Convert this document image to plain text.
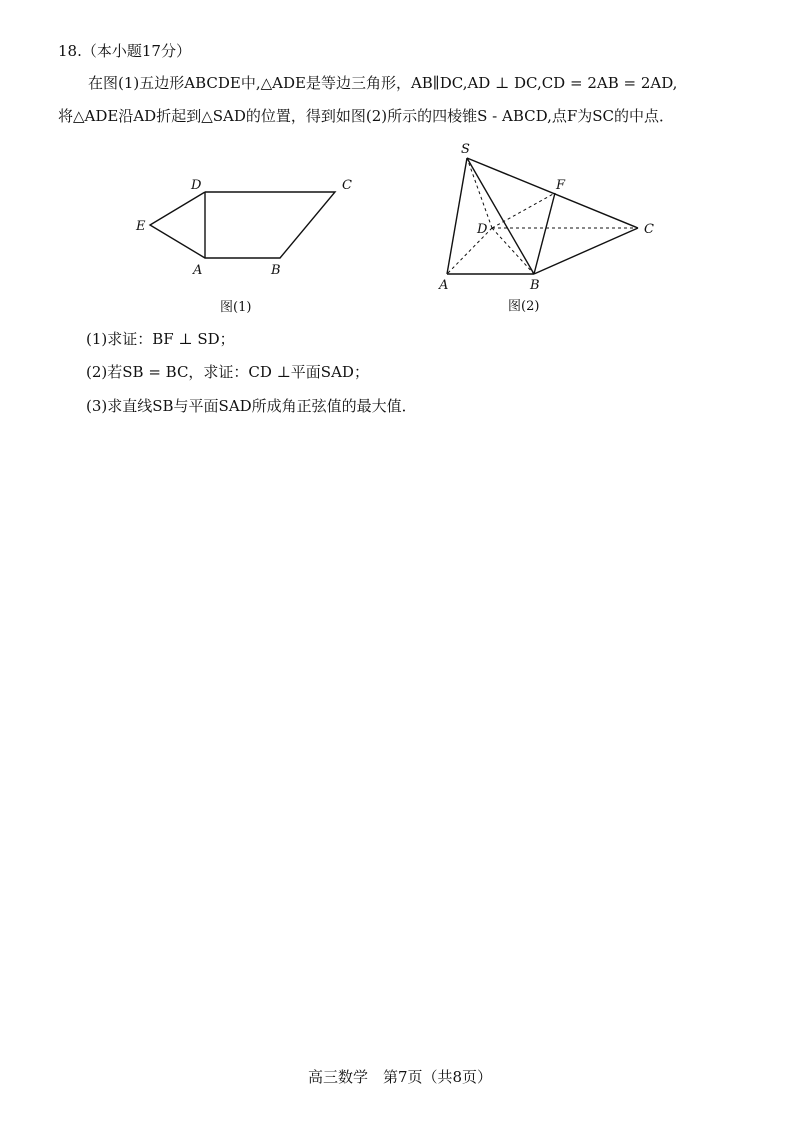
18.（本小题17分）
在图(1)五边形ABCDE中,△ADE是等边三角形，AB∥DC,AD ⊥ DC,CD = 2AB = 2AD,
将△ADE沿AD折起到△SAD的位置，得到如图(2)所示的四棱锥S - ABCD,点F为SC的中点．
D	C
E
A	B
图(1)
S
F
D	C
A	B
图(2)
(1)求证：BF ⊥ SD；
(2)若SB = BC，求证：CD ⊥平面SAD；
(3)求直线SB与平面SAD所成角正弦值的最大值．
高三数学　第7页（共8页）
